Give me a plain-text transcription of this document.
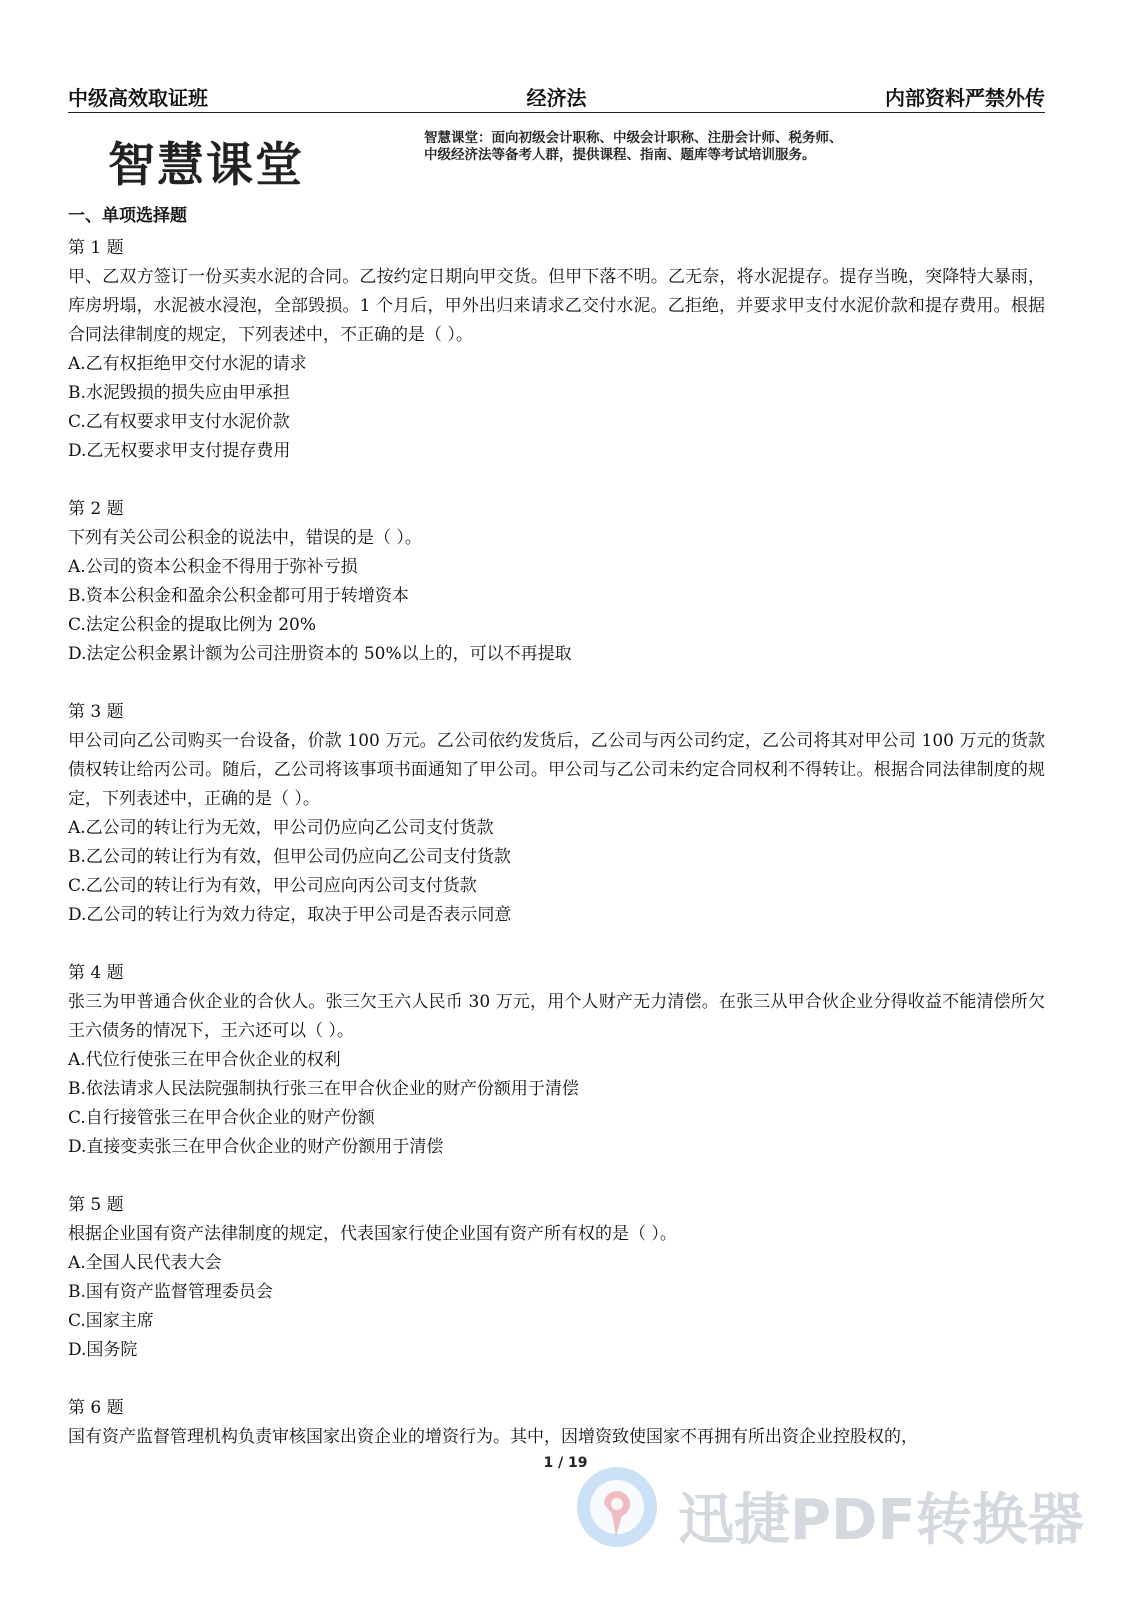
中级高效取证班	经济法	内部资料严禁外传
智慧课堂	智慧课堂：面向初级会计职称、中级会计职称、注册会计师、税务师、中级经济法等备考人群，提供课程、指南、题库等考试培训服务。
一、单项选择题

第 1 题

甲、乙双方签订一份买卖水泥的合同。乙按约定日期向甲交货。但甲下落不明。乙无奈，将水泥提存。提存当晚，突降特大暴雨，库房坍塌，水泥被水浸泡，全部毁损。1 个月后，甲外出归来请求乙交付水泥。乙拒绝，并要求甲支付水泥价款和提存费用。根据合同法律制度的规定，下列表述中，不正确的是（ ）。

A.乙有权拒绝甲交付水泥的请求

B.水泥毁损的损失应由甲承担

C.乙有权要求甲支付水泥价款

D.乙无权要求甲支付提存费用

第 2 题

下列有关公司公积金的说法中，错误的是（ ）。

A.公司的资本公积金不得用于弥补亏损

B.资本公积金和盈余公积金都可用于转增资本

C.法定公积金的提取比例为 20%

D.法定公积金累计额为公司注册资本的 50%以上的，可以不再提取

第 3 题

甲公司向乙公司购买一台设备，价款 100 万元。乙公司依约发货后，乙公司与丙公司约定，乙公司将其对甲公司 100 万元的货款债权转让给丙公司。随后，乙公司将该事项书面通知了甲公司。甲公司与乙公司未约定合同权利不得转让。根据合同法律制度的规定，下列表述中，正确的是（ ）。

A.乙公司的转让行为无效，甲公司仍应向乙公司支付货款

B.乙公司的转让行为有效，但甲公司仍应向乙公司支付货款

C.乙公司的转让行为有效，甲公司应向丙公司支付货款

D.乙公司的转让行为效力待定，取决于甲公司是否表示同意

第 4 题

张三为甲普通合伙企业的合伙人。张三欠王六人民币 30 万元，用个人财产无力清偿。在张三从甲合伙企业分得收益不能清偿所欠王六债务的情况下，王六还可以（ ）。

A.代位行使张三在甲合伙企业的权利

B.依法请求人民法院强制执行张三在甲合伙企业的财产份额用于清偿

C.自行接管张三在甲合伙企业的财产份额

D.直接变卖张三在甲合伙企业的财产份额用于清偿

第 5 题

根据企业国有资产法律制度的规定，代表国家行使企业国有资产所有权的是（ ）。

A.全国人民代表大会

B.国有资产监督管理委员会

C.国家主席

D.国务院

第 6 题

国有资产监督管理机构负责审核国家出资企业的增资行为。其中，因增资致使国家不再拥有所出资企业控股权的，

1 / 19
迅捷PDF转换器
